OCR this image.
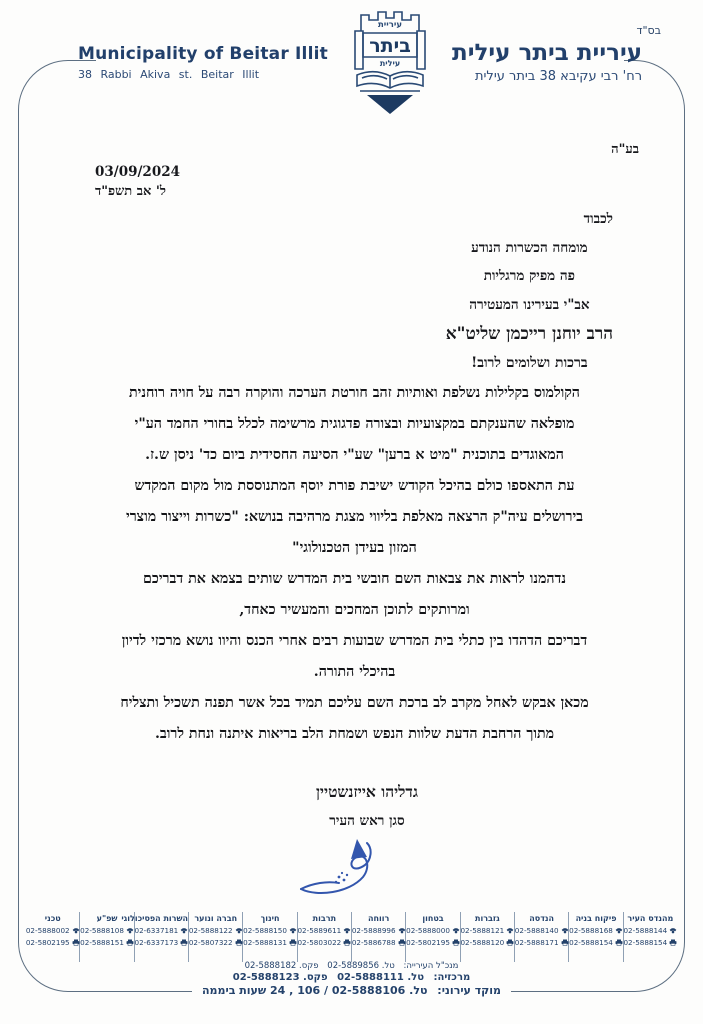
בס"ד
Municipality of Beitar Illit
38 Rabbi Akiva st. Beitar Illit
עיריית
ביתר
עילית עיריית ביתר עילית
רח' רבי עקיבא 38 ביתר עילית
בע"ה
03/09/2024
ל' אב תשפ"ד
לכבוד
מומחה הכשרות הנודע
פה מפיק מרגליות
אב"י בעירינו המעטירה
הרב יוחנן רייכמן שליט"א
ברכות ושלומים לרוב!
הקולמוס בקלילות נשלפת ואותיות זהב חורטת הערכה והוקרה רבה על חויה רוחנית
מופלאה שהענקתם במקצועיות ובצורה פדגוגית מרשימה לכלל בחורי החמד הע"י
המאוגדים בתוכנית "מיט א ברען" שע"י הסיעה החסידית ביום כד' ניסן ש.ז.
עת התאספו כולם בהיכל הקודש ישיבת פורת יוסף המתנוססת מול מקום המקדש
בירושלים עיה"ק הרצאה מאלפת בליווי מצגת מרהיבה בנושא: "כשרות וייצור מוצרי
המזון בעידן הטכנולוגי"
נדהמנו לראות את צבאות השם חובשי בית המדרש שותים בצמא את דבריכם
ומרותקים לתוכן המחכים והמעשיר כאחד,
דבריכם הדהדו בין כתלי בית המדרש שבועות רבים אחרי הכנס והיוו נושא מרכזי לדיון
בהיכלי התורה.
מכאן אבקש לאחל מקרב לב ברכת השם עליכם תמיד בכל אשר תפנה תשכיל ותצליח
מתוך הרחבת הדעת שלוות הנפש ושמחת הלב בריאות איתנה ונחת לרוב.
גדליהו אייזנשטיין
סגן ראש העיר
מהנדס העיר
02-5888144
02-5888154
פיקוח בניה
02-5888168
02-5888154
הנדסה
02-5888140
02-5888171
גזברות
02-5888121
02-5888120
בטחון
02-5888000
02-5802195
רווחה
02-5888996
02-5886788
תרבות
02-5889611
02-5803022
חינוך
02-5888150
02-5888131
חברה ונוער
02-5888122
02-5807322
השרות הפסיכולוגי
02-6337181
02-6337173
שפ"ע
02-5888108
02-5888151
טכני
02-5888002
02-5802195
מנכ"ל העירייה: טל. 02-5889856 פקס. 02-5888182
מרכזיה: טל. 02-5888111 פקס. 02-5888123
מוקד עירוני: טל. 02-5888106 / 106 , 24 שעות ביממה
